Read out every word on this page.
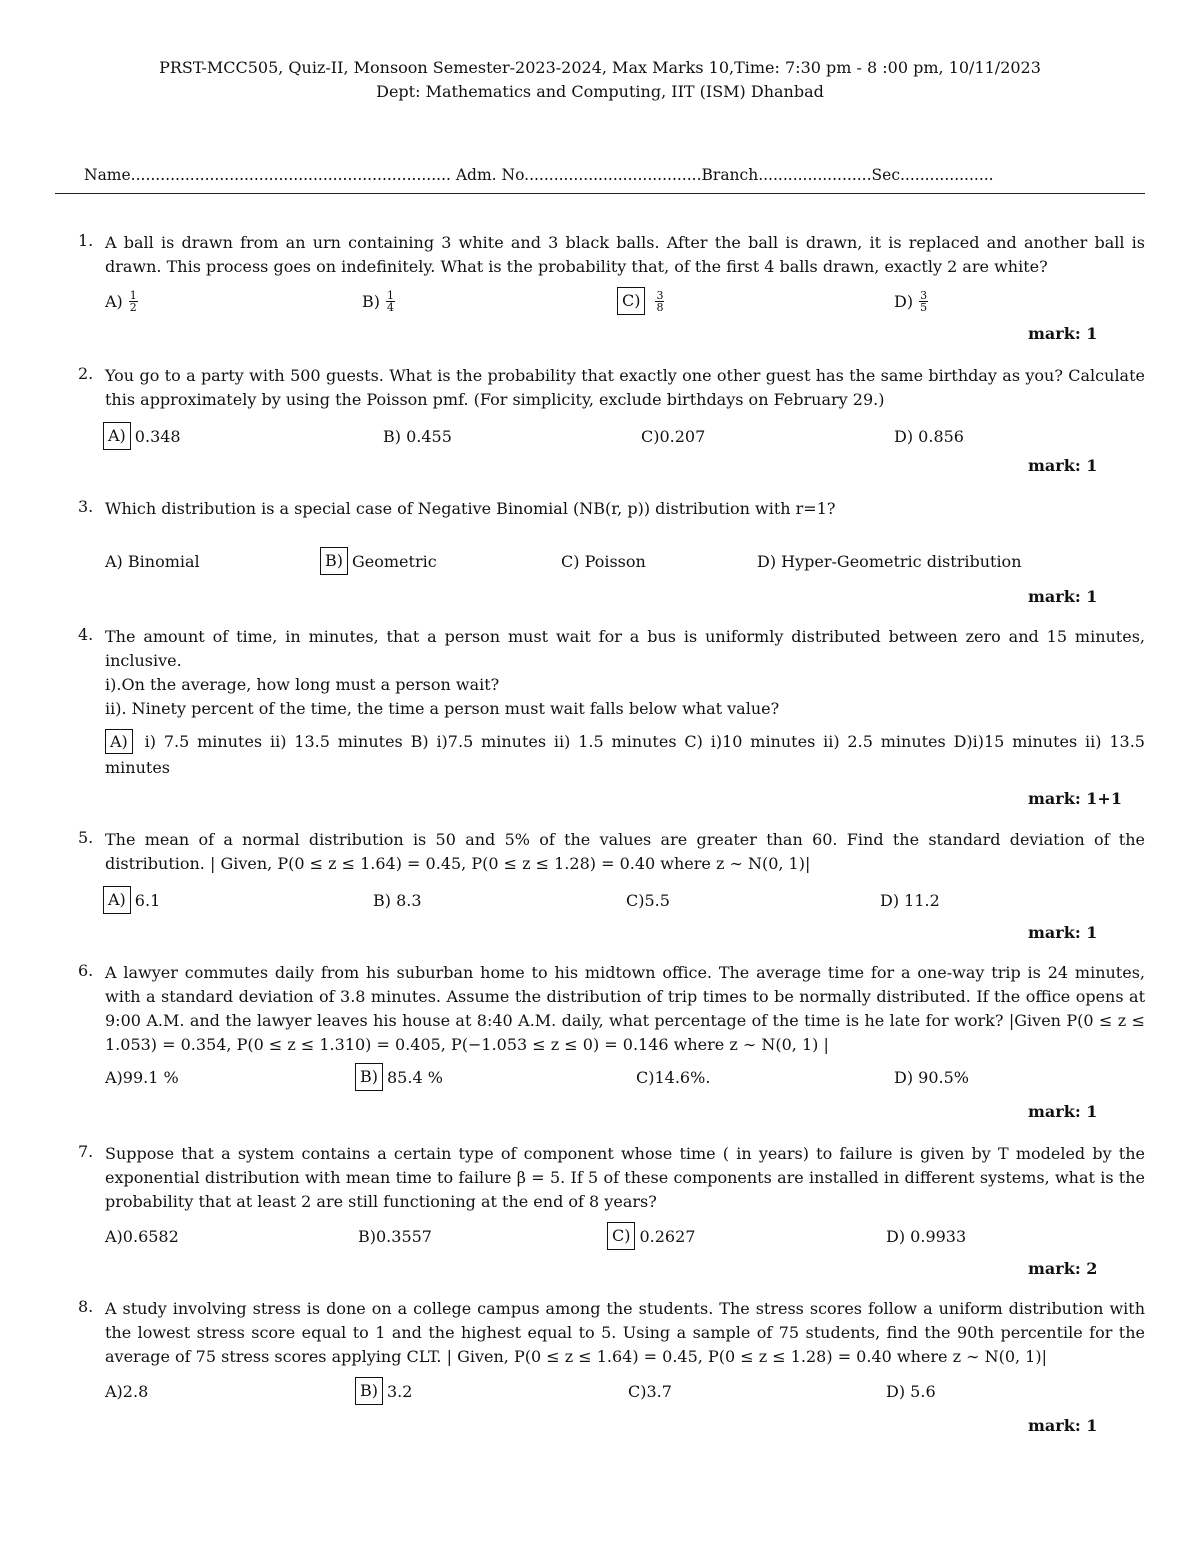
PRST-MCC505, Quiz-II, Monsoon Semester-2023-2024, Max Marks 10,Time: 7:30 pm - 8 :00 pm, 10/11/2023
Dept: Mathematics and Computing, IIT (ISM) Dhanbad
Name................................................................. Adm. No....................................Branch.......................Sec...................
1. A ball is drawn from an urn containing 3 white and 3 black balls. After the ball is drawn, it is replaced and another ball is drawn. This process goes on indefinitely. What is the probability that, of the first 4 balls drawn, exactly 2 are white?
$A) \frac{1}{2}$	$B) \frac{1}{4}$	C)	$\frac{3}{8}$	$D) \frac{3}{5}$
mark: 1
2. You go to a party with 500 guests. What is the probability that exactly one other guest has the same birthday as you? Calculate this approximately by using the Poisson pmf. (For simplicity, exclude birthdays on February 29.)
A) 0.348	B)
0.455	C) 0.207	D)
0.856
mark: 1
3. Which distribution is a special case of Negative Binomial (NB(r, p)) distribution with r=1?
A)
Binomial	B) Geometric	C)
Poisson	D)
Hyper-Geometric distribution
mark: 1
4. The amount of time, in minutes, that a person must wait for a bus is uniformly distributed between zero and 15 minutes, inclusive.
i).On the average, how long must a person wait?
ii). Ninety percent of the time, the time a person must wait falls below what value?
A) i) 7.5 minutes ii) 13.5 minutes B) i)7.5 minutes ii) 1.5 minutes C) i)10 minutes ii) 2.5 minutes D)i)15 minutes ii) 13.5 minutes
mark: 1+1
5. The mean of a normal distribution is 50 and 5% of the values are greater than 60. Find the standard deviation of the distribution. | Given, P(0 ≤ z ≤ 1.64) = 0.45, P(0 ≤ z ≤ 1.28) = 0.40 where z ∼ N(0, 1)|
A) 6.1	B)
8.3	C) 5.5	D)
11.2
mark: 1
6. A lawyer commutes daily from his suburban home to his midtown office. The average time for a one-way trip is 24 minutes, with a standard deviation of 3.8 minutes. Assume the distribution of trip times to be normally distributed. If the office opens at 9:00 A.M. and the lawyer leaves his house at 8:40 A.M. daily, what percentage of the time is he late for work? |Given P(0 ≤ z ≤ 1.053) = 0.354, P(0 ≤ z ≤ 1.310) = 0.405, P(−1.053 ≤ z ≤ 0) = 0.146 where z ∼ N(0, 1) |
A) 99.1 %	B) 85.4 %	C) 14.6%.	D)
90.5%
mark: 1
7. Suppose that a system contains a certain type of component whose time ( in years) to failure is given by T modeled by the exponential distribution with mean time to failure β = 5. If 5 of these components are installed in different systems, what is the probability that at least 2 are still functioning at the end of 8 years?
A) 0.6582	B) 0.3557	C) 0.2627	D)
0.9933
mark: 2
8. A study involving stress is done on a college campus among the students. The stress scores follow a uniform distribution with the lowest stress score equal to 1 and the highest equal to 5. Using a sample of 75 students, find the 90th percentile for the average of 75 stress scores applying CLT. | Given, P(0 ≤ z ≤ 1.64) = 0.45, P(0 ≤ z ≤ 1.28) = 0.40 where z ∼ N(0, 1)|
A) 2.8	B) 3.2	C) 3.7	D)
5.6
mark: 1
